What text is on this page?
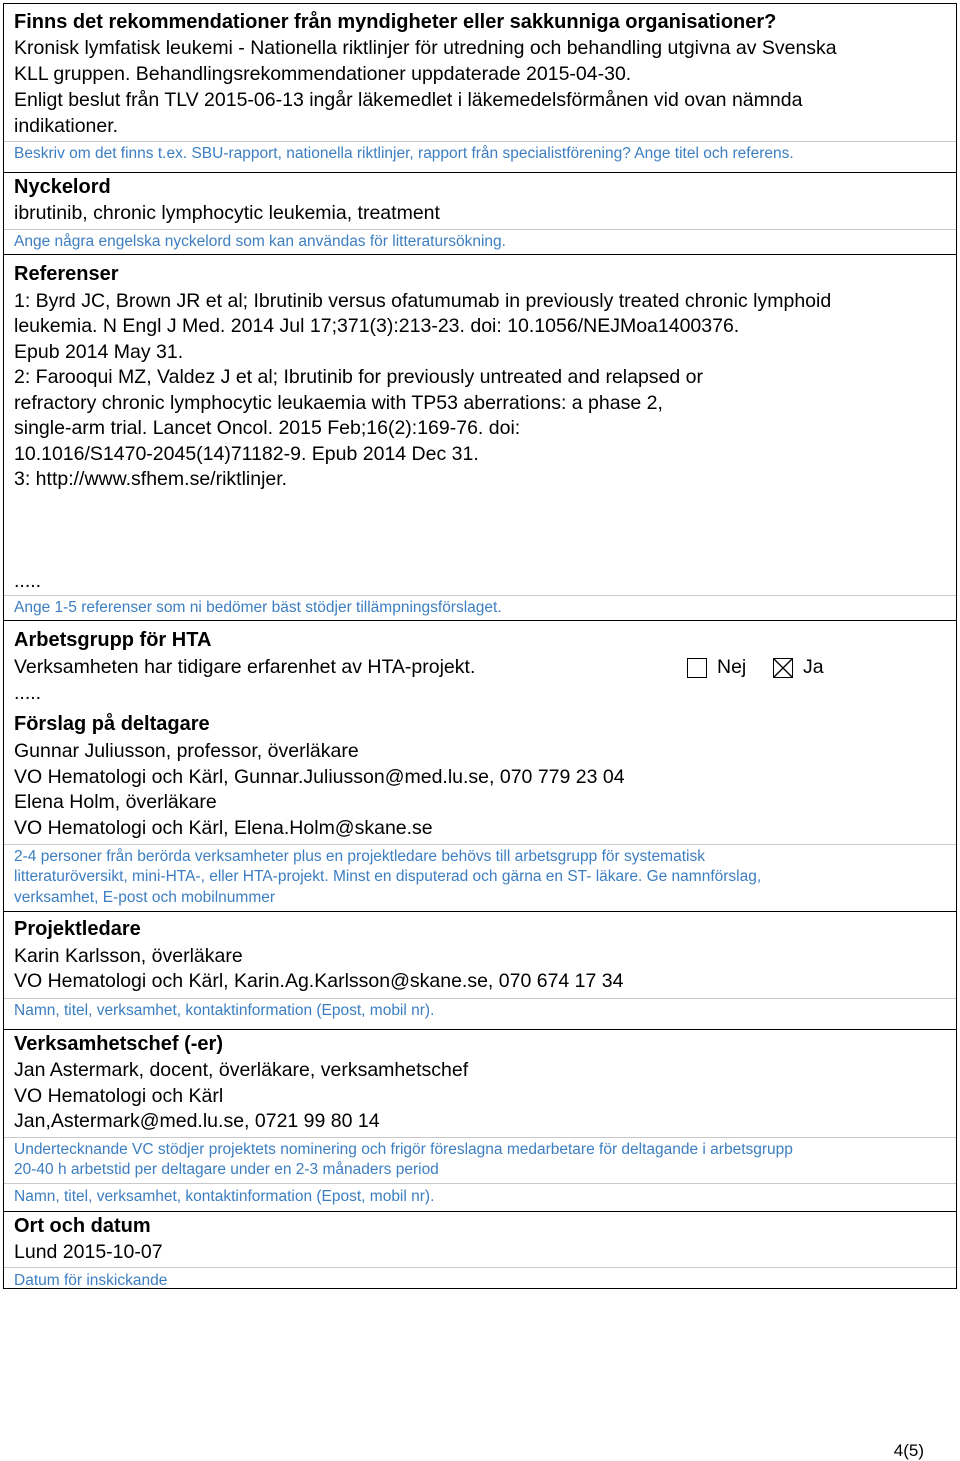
Finns det rekommendationer från myndigheter eller sakkunniga organisationer?
Kronisk lymfatisk leukemi - Nationella riktlinjer för utredning och behandling utgivna av Svenska
KLL gruppen. Behandlingsrekommendationer uppdaterade 2015-04-30.
Enligt beslut från TLV 2015-06-13 ingår läkemedlet i läkemedelsförmånen vid ovan nämnda
indikationer.
Beskriv om det finns t.ex. SBU-rapport, nationella riktlinjer, rapport från specialistförening? Ange titel och referens.
Nyckelord
ibrutinib, chronic lymphocytic leukemia, treatment
Ange några engelska nyckelord som kan användas för litteratursökning.
Referenser
1: Byrd JC, Brown JR et al; Ibrutinib versus ofatumumab in previously treated chronic lymphoid
leukemia. N Engl J Med. 2014 Jul 17;371(3):213-23. doi: 10.1056/NEJMoa1400376.
Epub 2014 May 31.
2: Farooqui MZ, Valdez J et al; Ibrutinib for previously untreated and relapsed or
refractory chronic lymphocytic leukaemia with TP53 aberrations: a phase 2,
single-arm trial. Lancet Oncol. 2015 Feb;16(2):169-76. doi:
10.1016/S1470-2045(14)71182-9. Epub 2014 Dec 31.
3: http://www.sfhem.se/riktlinjer.
.....
Ange 1-5 referenser som ni bedömer bäst stödjer tillämpningsförslaget.
Arbetsgrupp för HTA
Verksamheten har tidigare erfarenhet av HTA-projekt.	Nej	Ja
.....
Förslag på deltagare
Gunnar Juliusson, professor, överläkare
VO Hematologi och Kärl, Gunnar.Juliusson@med.lu.se, 070 779 23 04
Elena Holm, överläkare
VO Hematologi och Kärl, Elena.Holm@skane.se
2-4 personer från berörda verksamheter plus en projektledare behövs till arbetsgrupp för systematisk
litteraturöversikt, mini-HTA-, eller HTA-projekt. Minst en disputerad och gärna en ST- läkare. Ge namnförslag,
verksamhet, E-post och mobilnummer
Projektledare
Karin Karlsson, överläkare
VO Hematologi och Kärl, Karin.Ag.Karlsson@skane.se, 070 674 17 34
Namn, titel, verksamhet, kontaktinformation (Epost, mobil nr).
Verksamhetschef (-er)
Jan Astermark, docent, överläkare, verksamhetschef
VO Hematologi och Kärl
Jan,Astermark@med.lu.se, 0721 99 80 14
Undertecknande VC stödjer projektets nominering och frigör föreslagna medarbetare för deltagande i arbetsgrupp
20-40 h arbetstid per deltagare under en 2-3 månaders period
Namn, titel, verksamhet, kontaktinformation (Epost, mobil nr).
Ort och datum
Lund 2015-10-07
Datum för inskickande
4(5)
